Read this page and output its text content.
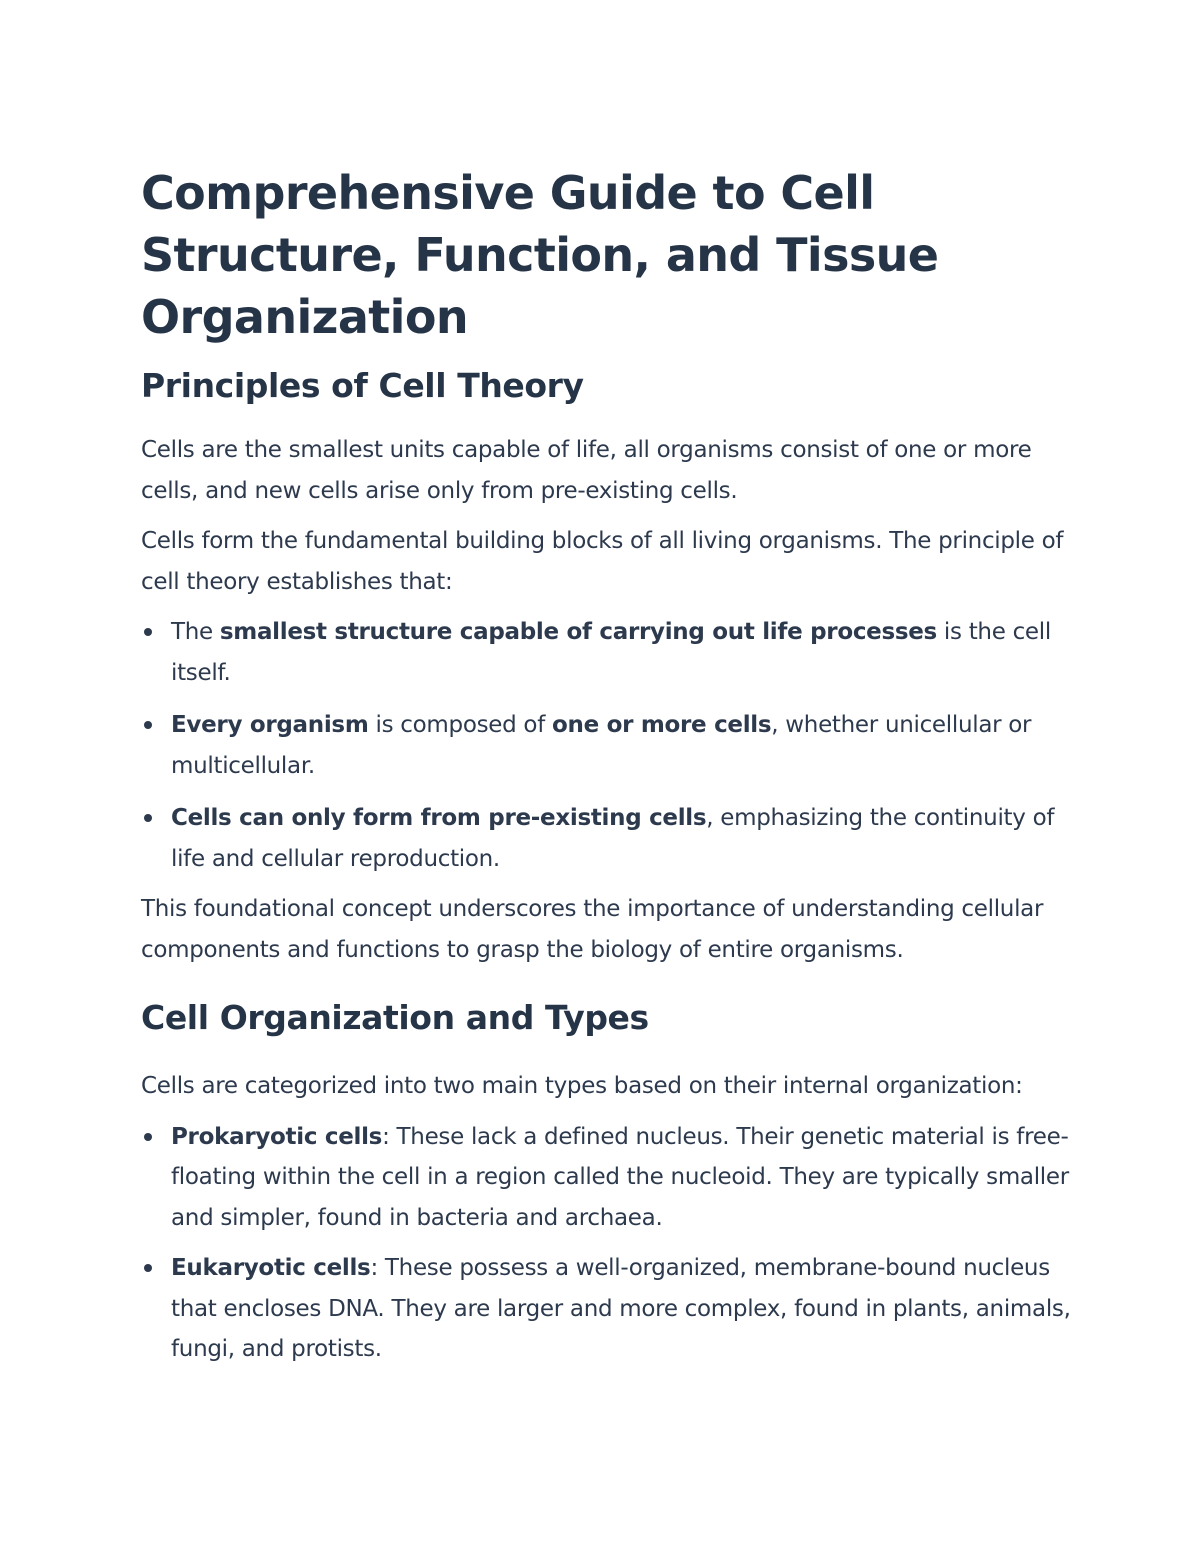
Comprehensive Guide to Cell Structure, Function, and Tissue Organization
Principles of Cell Theory

Cells are the smallest units capable of life, all organisms consist of one or more cells, and new cells arise only from pre-existing cells.

Cells form the fundamental building blocks of all living organisms. The principle of cell theory establishes that:

The smallest structure capable of carrying out life processes is the cell itself.
Every organism is composed of one or more cells, whether unicellular or multicellular.
Cells can only form from pre-existing cells, emphasizing the continuity of life and cellular reproduction.

This foundational concept underscores the importance of understanding cellular components and functions to grasp the biology of entire organisms.

Cell Organization and Types

Cells are categorized into two main types based on their internal organization:

Prokaryotic cells: These lack a defined nucleus. Their genetic material is free-floating within the cell in a region called the nucleoid. They are typically smaller and simpler, found in bacteria and archaea.
Eukaryotic cells: These possess a well-organized, membrane-bound nucleus that encloses DNA. They are larger and more complex, found in plants, animals, fungi, and protists.
